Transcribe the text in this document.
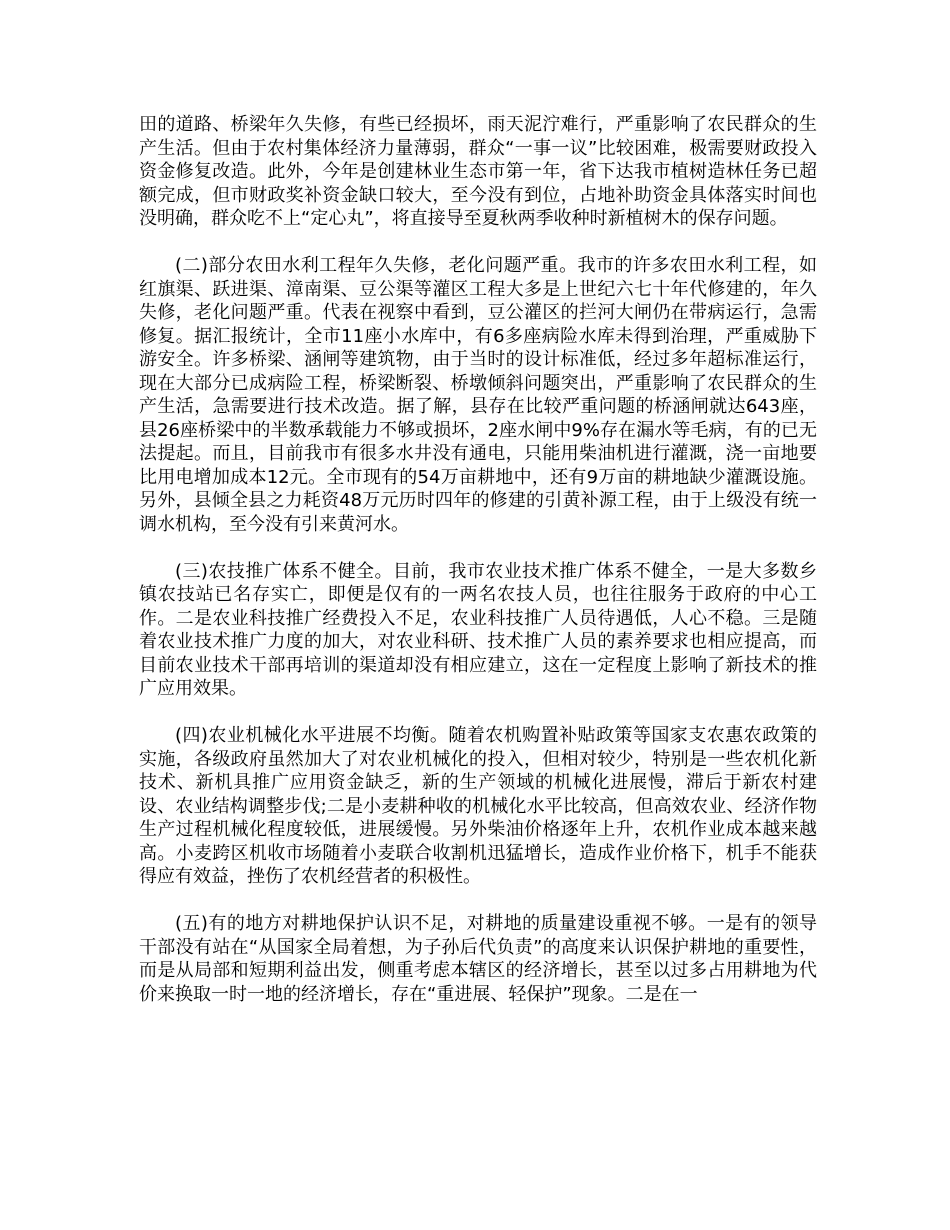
田的道路、桥梁年久失修，有些已经损坏，雨天泥泞难行，严重影响了农民群众的生产生活。但由于农村集体经济力量薄弱，群众“一事一议”比较困难，极需要财政投入资金修复改造。此外，今年是创建林业生态市第一年，省下达我市植树造林任务已超额完成，但市财政奖补资金缺口较大，至今没有到位，占地补助资金具体落实时间也没明确，群众吃不上“定心丸”，将直接导至夏秋两季收种时新植树木的保存问题。

(二)部分农田水利工程年久失修，老化问题严重。我市的许多农田水利工程，如红旗渠、跃进渠、漳南渠、豆公渠等灌区工程大多是上世纪六七十年代修建的，年久失修，老化问题严重。代表在视察中看到，豆公灌区的拦河大闸仍在带病运行，急需修复。据汇报统计，全市11座小水库中，有6多座病险水库未得到治理，严重威胁下游安全。许多桥梁、涵闸等建筑物，由于当时的设计标准低，经过多年超标准运行，现在大部分已成病险工程，桥梁断裂、桥墩倾斜问题突出，严重影响了农民群众的生产生活，急需要进行技术改造。据了解，县存在比较严重问题的桥涵闸就达643座，县26座桥梁中的半数承载能力不够或损坏，2座水闸中9%存在漏水等毛病，有的已无法提起。而且，目前我市有很多水井没有通电，只能用柴油机进行灌溉，浇一亩地要比用电增加成本12元。全市现有的54万亩耕地中，还有9万亩的耕地缺少灌溉设施。另外，县倾全县之力耗资48万元历时四年的修建的引黄补源工程，由于上级没有统一调水机构，至今没有引来黄河水。

(三)农技推广体系不健全。目前，我市农业技术推广体系不健全，一是大多数乡镇农技站已名存实亡，即便是仅有的一两名农技人员，也往往服务于政府的中心工作。二是农业科技推广经费投入不足，农业科技推广人员待遇低，人心不稳。三是随着农业技术推广力度的加大，对农业科研、技术推广人员的素养要求也相应提高，而目前农业技术干部再培训的渠道却没有相应建立，这在一定程度上影响了新技术的推广应用效果。

(四)农业机械化水平进展不均衡。随着农机购置补贴政策等国家支农惠农政策的实施，各级政府虽然加大了对农业机械化的投入，但相对较少，特别是一些农机化新技术、新机具推广应用资金缺乏，新的生产领域的机械化进展慢，滞后于新农村建设、农业结构调整步伐;二是小麦耕种收的机械化水平比较高，但高效农业、经济作物生产过程机械化程度较低，进展缓慢。另外柴油价格逐年上升，农机作业成本越来越高。小麦跨区机收市场随着小麦联合收割机迅猛增长，造成作业价格下，机手不能获得应有效益，挫伤了农机经营者的积极性。

(五)有的地方对耕地保护认识不足，对耕地的质量建设重视不够。一是有的领导干部没有站在“从国家全局着想，为子孙后代负责”的高度来认识保护耕地的重要性，而是从局部和短期利益出发，侧重考虑本辖区的经济增长，甚至以过多占用耕地为代价来换取一时一地的经济增长，存在“重进展、轻保护”现象。二是在一
